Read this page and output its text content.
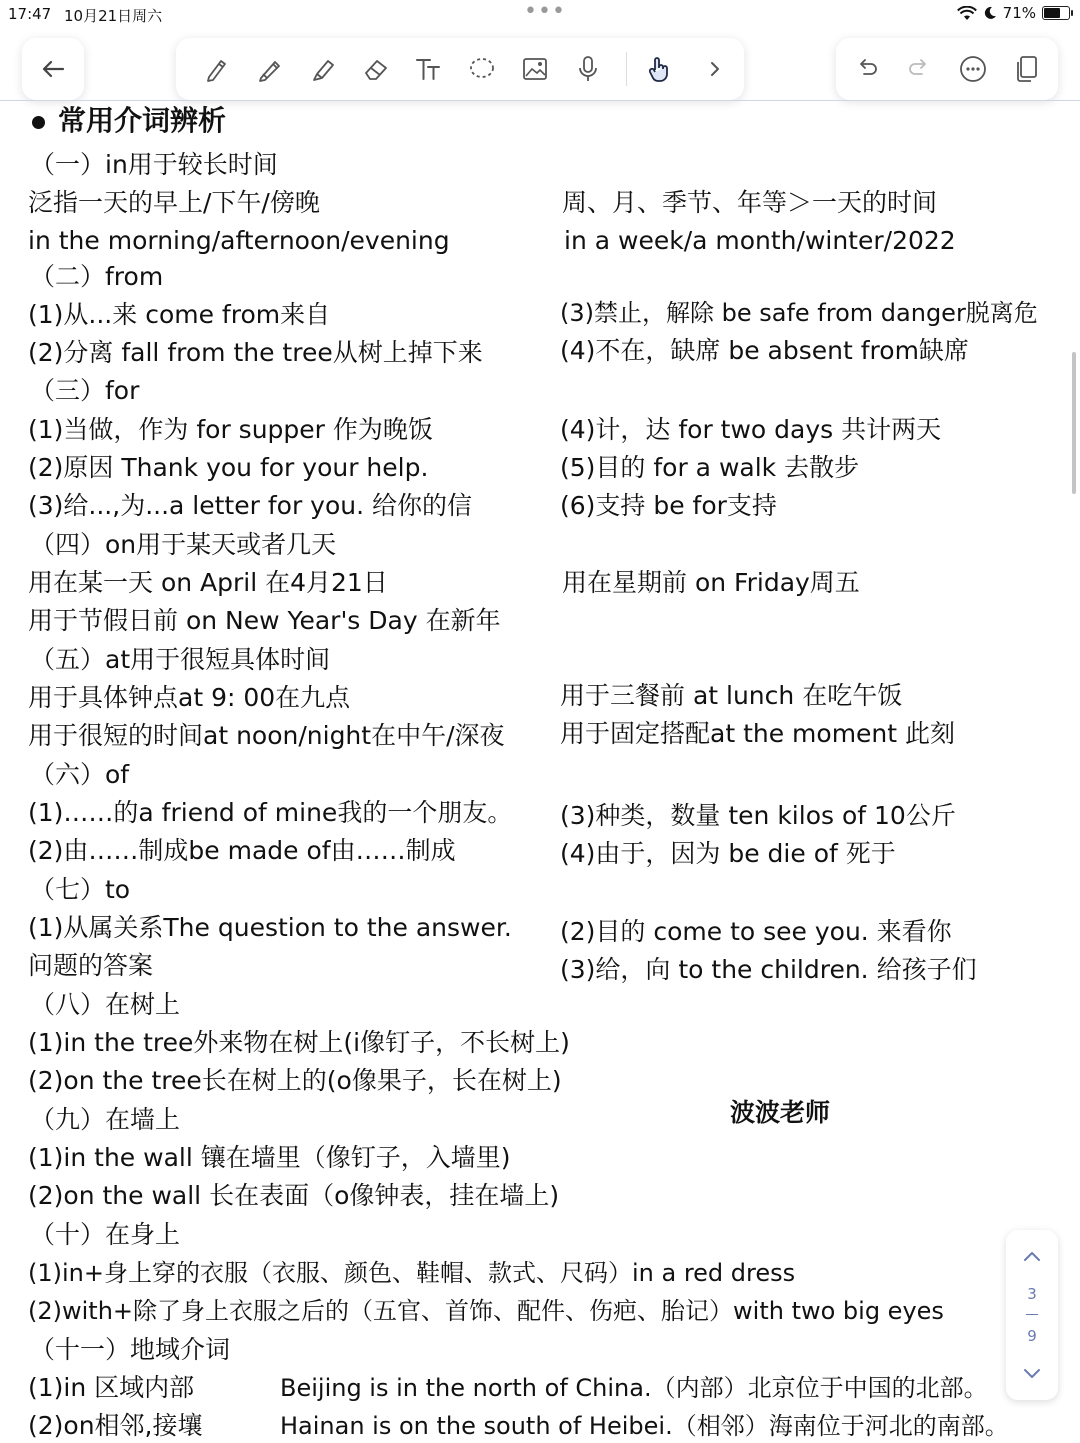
17:47 10月21日周六	•••	71%
常用介词辨析
（一）in用于较长时间
泛指一天的早上/下午/傍晚	周、月、季节、年等＞一天的时间
in the morning/afternoon/evening	in a week/a month/winter/2022
（二）from
(1)从...来 come from来自	(3)禁止，解除 be safe from danger脱离危
(2)分离 fall from the tree从树上掉下来	(4)不在，缺席 be absent from缺席
（三）for
(1)当做，作为 for supper 作为晚饭	(4)计，达 for two days 共计两天
(2)原因 Thank you for your help.	(5)目的 for a walk 去散步
(3)给...,为...a letter for you. 给你的信	(6)支持 be for支持
（四）on用于某天或者几天
用在某一天 on April 在4月21日	用在星期前 on Friday周五
用于节假日前 on New Year's Day 在新年
（五）at用于很短具体时间
用于具体钟点at 9: 00在九点	用于三餐前 at lunch 在吃午饭
用于很短的时间at noon/night在中午/深夜 用于固定搭配at the moment 此刻
（六）of
(1)……的a friend of mine我的一个朋友。 (3)种类，数量 ten kilos of 10公斤
(2)由……制成be made of由……制成	(4)由于，因为 be die of 死于
（七）to
(1)从属关系The question to the answer. (2)目的 come to see you. 来看你
问题的答案	(3)给，向 to the children. 给孩子们
（八）在树上
(1)in the tree外来物在树上(i像钉子，不长树上)
(2)on the tree长在树上的(o像果子，长在树上)
（九）在墙上
(1)in the wall 镶在墙里（像钉子，入墙里)
(2)on the wall 长在表面（o像钟表，挂在墙上)
（十）在身上
(1)in+身上穿的衣服（衣服、颜色、鞋帽、款式、尺码）in a red dress
(2)with+除了身上衣服之后的（五官、首饰、配件、伤疤、胎记）with two big eyes
（十一）地域介词
(1)in 区域内部	Beijing is in the north of China.（内部）北京位于中国的北部。
(2)on相邻,接壤	Hainan is on the south of Heibei.（相邻）海南位于河北的南部。
波波老师
3
9
